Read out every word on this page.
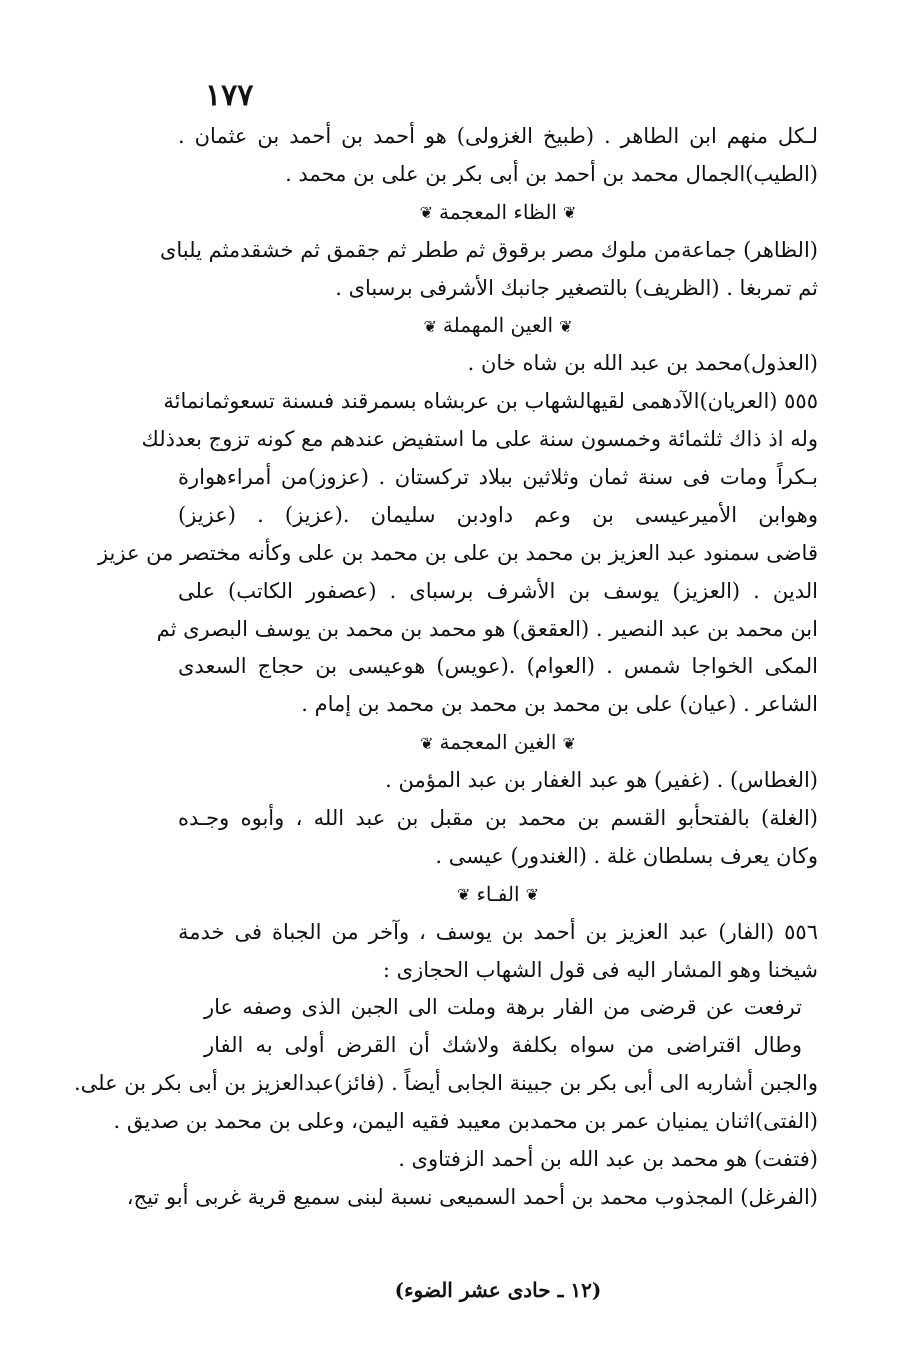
١٧٧
لـكل منهم ابن الطاهر . (طبيخ الغزولى) هو أحمد بن أحمد بن عثمان .
(الطيب)الجمال محمد بن أحمد بن أبى بكر بن على بن محمد .
❦الظاء المعجمة❦
(الظاهر) جماعةمن ملوك مصر برقوق ثم ططر ثم جقمق ثم خشقدمثم يلباى
ثم تمربغا . (الظريف) بالتصغير جانبك الأشرفى برسباى .
❦العين المهملة❦
(العذول)محمد بن عبد الله بن شاه خان .
٥٥٥ (العريان)الآدهمى لقيهالشهاب بن عربشاه بسمرقند فىسنة تسعوثمانمائة
وله اذ ذاك ثلثمائة وخمسون سنة على ما استفيض عندهم مع كونه تزوج بعدذلك
بـكراً ومات فى سنة ثمان وثلاثين ببلاد تركستان . (عزوز)من أمراءهوارة
وهوابن الأميرعيسى بن وعم داودبن سليمان .(عزيز) . (عزيز)
قاضى سمنود عبد العزيز بن محمد بن على بن محمد بن على وكأنه مختصر من عزيز
الدين . (العزيز) يوسف بن الأشرف برسباى . (عصفور الكاتب) على
ابن محمد بن عبد النصير . (العقعق) هو محمد بن محمد بن يوسف البصرى ثم
المكى الخواجا شمس . (العوام) .(عويس) هوعيسى بن حجاج السعدى
الشاعر . (عيان) على بن محمد بن محمد بن محمد بن إمام .
❦الغين المعجمة❦
(الغطاس) . (غفير) هو عبد الغفار بن عبد المؤمن .
(الغلة) بالفتحأبو القسم بن محمد بن مقبل بن عبد الله ، وأبوه وجـده
وكان يعرف بسلطان غلة . (الغندور) عيسى .
❦الفـاء❦
٥٥٦ (الفار) عبد العزيز بن أحمد بن يوسف ، وآخر من الجباة فى خدمة
شيخنا وهو المشار اليه فى قول الشهاب الحجازى :
ترفعت عن قرضى من الفار برهة وملت الى الجبن الذى وصفه عار
وطال اقتراضى من سواه بكلفة ولاشك أن القرض أولى به الفار
والجبن أشاربه الى أبى بكر بن جبينة الجابى أيضاً . (فائز)عبدالعزيز بن أبى بكر بن على.
(الفتى)اثنان يمنيان عمر بن محمدبن معيبد فقيه اليمن، وعلى بن محمد بن صديق .
(فتفت) هو محمد بن عبد الله بن أحمد الزفتاوى .
(الفرغل) المجذوب محمد بن أحمد السميعى نسبة لبنى سميع قرية غربى أبو تيج،
(١٢ ـ حادى عشر الضوء)
